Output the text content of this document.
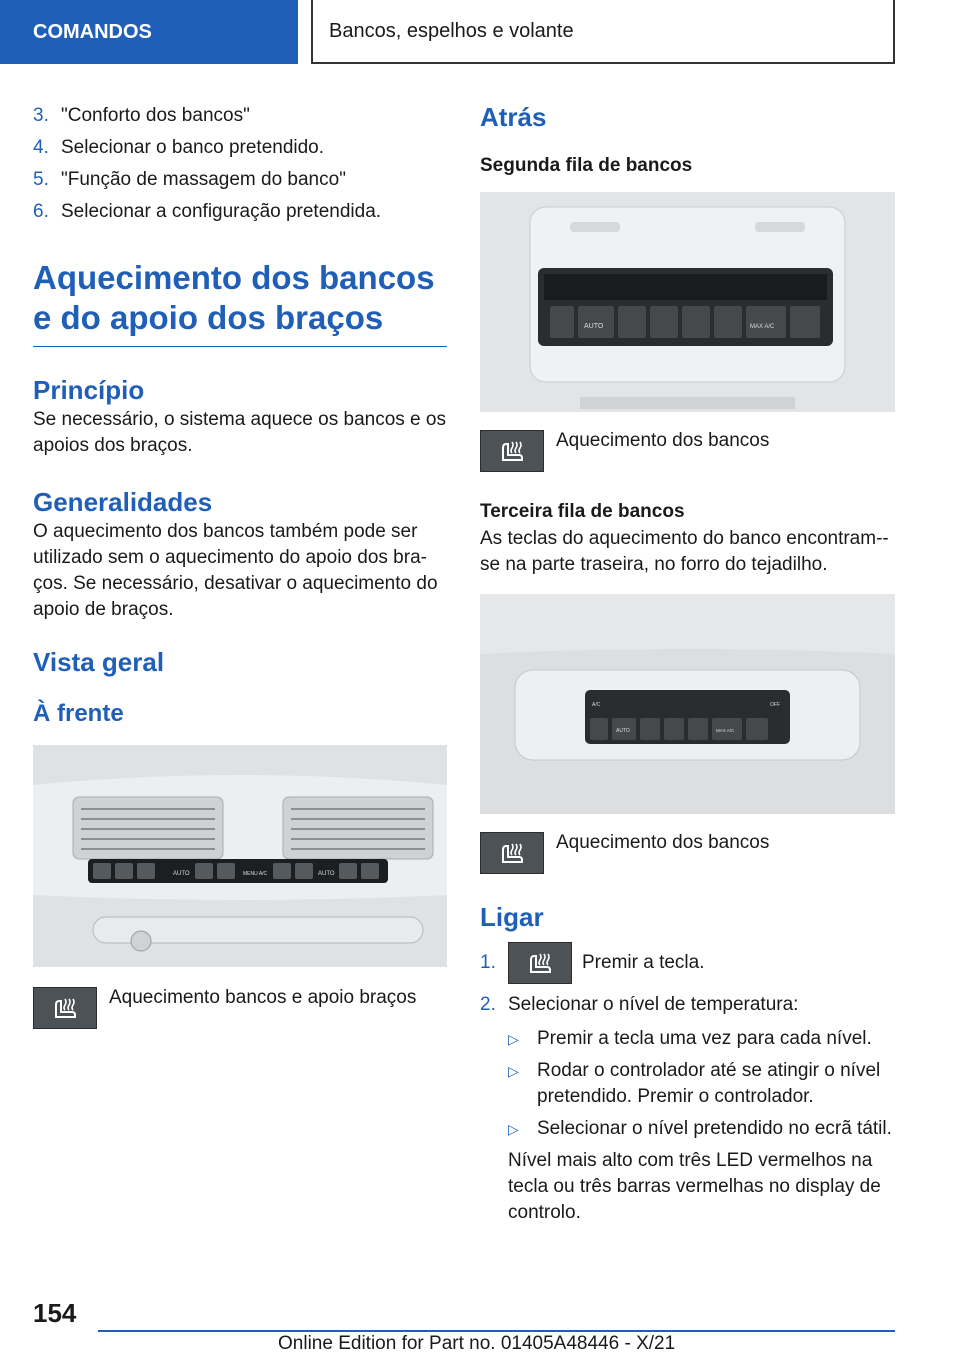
COMANDOS	Bancos, espelhos e volante
3. "Conforto dos bancos"
4. Selecionar o banco pretendido.
5. "Função de massagem do banco"
6. Selecionar a configuração pretendida.
Aquecimento dos bancos e do apoio dos braços
Princípio

Se necessário, o sistema aquece os bancos e os apoios dos braços.

Generalidades

O aquecimento dos bancos também pode ser utilizado sem o aquecimento do apoio dos bra-ços. Se necessário, desativar o aquecimento do apoio de braços.

Vista geral
À frente
AUTO	MENU A/C	AUTO
Aquecimento bancos e apoio braços
Atrás
Segunda fila de bancos
AUTO	MAX A/C
Aquecimento dos bancos
Terceira fila de bancos

As teclas do aquecimento do banco encontram--se na parte traseira, no forro do tejadilho.

A/C	OFF
AUTO	MAX A/C
Aquecimento dos bancos
Ligar
1.	Premir a tecla.
2. Selecionar o nível de temperatura:
▷ Premir a tecla uma vez para cada nível.
▷ Rodar o controlador até se atingir o nível pretendido. Premir o controlador.
▷ Selecionar o nível pretendido no ecrã tátil.

Nível mais alto com três LED vermelhos na tecla ou três barras vermelhas no display de controlo.

154
Online Edition for Part no. 01405A48446 - X/21
